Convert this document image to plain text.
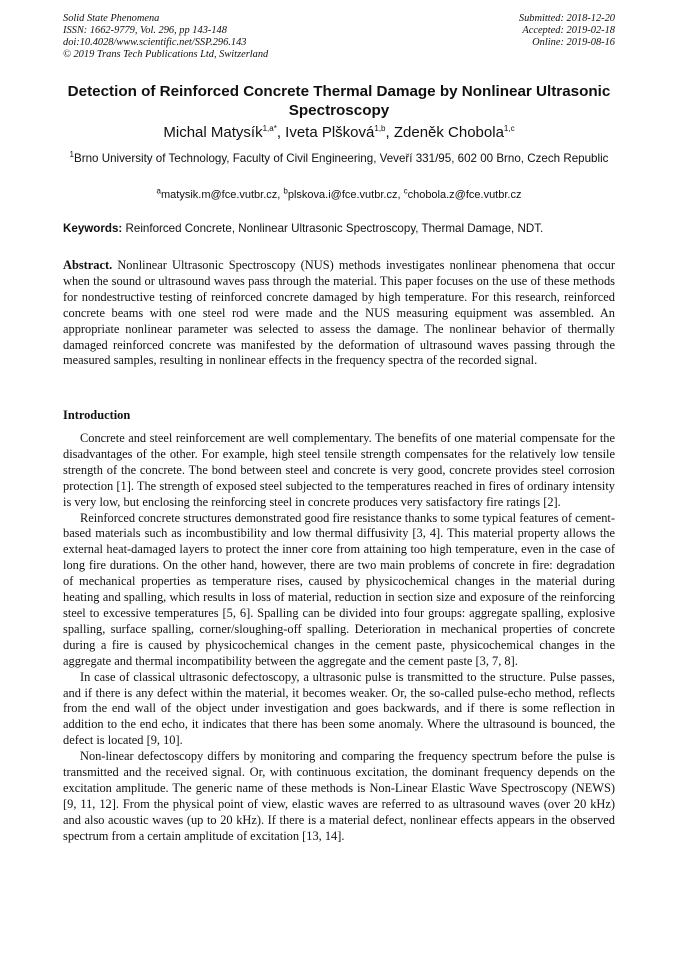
Solid State Phenomena
ISSN: 1662-9779, Vol. 296, pp 143-148
doi:10.4028/www.scientific.net/SSP.296.143
© 2019 Trans Tech Publications Ltd, Switzerland
Submitted: 2018-12-20
Accepted: 2019-02-18
Online: 2019-08-16
Detection of Reinforced Concrete Thermal Damage by Nonlinear Ultrasonic Spectroscopy
Michal Matysík$^{1,a*}$, Iveta Plšková$^{1,b}$, Zdeněk Chobola$^{1,c}$
$^1$Brno University of Technology, Faculty of Civil Engineering, Veveří 331/95, 602 00 Brno, Czech Republic
$^a$matysik.m@fce.vutbr.cz, $^b$plskova.i@fce.vutbr.cz, $^c$chobola.z@fce.vutbr.cz
Keywords: Reinforced Concrete, Nonlinear Ultrasonic Spectroscopy, Thermal Damage, NDT.
Abstract. Nonlinear Ultrasonic Spectroscopy (NUS) methods investigates nonlinear phenomena that occur when the sound or ultrasound waves pass through the material. This paper focuses on the use of these methods for nondestructive testing of reinforced concrete damaged by high temperature. For this research, reinforced concrete beams with one steel rod were made and the NUS measuring equipment was assembled. An appropriate nonlinear parameter was selected to assess the damage. The nonlinear behavior of thermally damaged reinforced concrete was manifested by the deformation of ultrasound waves passing through the measured samples, resulting in nonlinear effects in the frequency spectra of the recorded signal.
Introduction

Concrete and steel reinforcement are well complementary. The benefits of one material compensate for the disadvantages of the other. For example, high steel tensile strength compensates for the relatively low tensile strength of the concrete. The bond between steel and concrete is very good, concrete provides steel corrosion protection [1]. The strength of exposed steel subjected to the temperatures reached in fires of ordinary intensity is very low, but enclosing the reinforcing steel in concrete produces very satisfactory fire ratings [2].

Reinforced concrete structures demonstrated good fire resistance thanks to some typical features of cement-based materials such as incombustibility and low thermal diffusivity [3, 4]. This material property allows the external heat-damaged layers to protect the inner core from attaining too high temperature, even in the case of long fire durations. On the other hand, however, there are two main problems of concrete in fire: degradation of mechanical properties as temperature rises, caused by physicochemical changes in the material during heating and spalling, which results in loss of material, reduction in section size and exposure of the reinforcing steel to excessive temperatures [5, 6]. Spalling can be divided into four groups: aggregate spalling, explosive spalling, surface spalling, corner/sloughing-off spalling. Deterioration in mechanical properties of concrete during a fire is caused by physicochemical changes in the cement paste, physicochemical changes in the aggregate and thermal incompatibility between the aggregate and the cement paste [3, 7, 8].

In case of classical ultrasonic defectoscopy, a ultrasonic pulse is transmitted to the structure. Pulse passes, and if there is any defect within the material, it becomes weaker. Or, the so-called pulse-echo method, reflects from the end wall of the object under investigation and goes backwards, and if there is some reflection in addition to the end echo, it indicates that there has been some anomaly. Where the ultrasound is bounced, the defect is located [9, 10].

Non-linear defectoscopy differs by monitoring and comparing the frequency spectrum before the pulse is transmitted and the received signal. Or, with continuous excitation, the dominant frequency depends on the excitation amplitude. The generic name of these methods is Non-Linear Elastic Wave Spectroscopy (NEWS) [9, 11, 12]. From the physical point of view, elastic waves are referred to as ultrasound waves (over 20 kHz) and also acoustic waves (up to 20 kHz). If there is a material defect, nonlinear effects appears in the observed spectrum from a certain amplitude of excitation [13, 14].
